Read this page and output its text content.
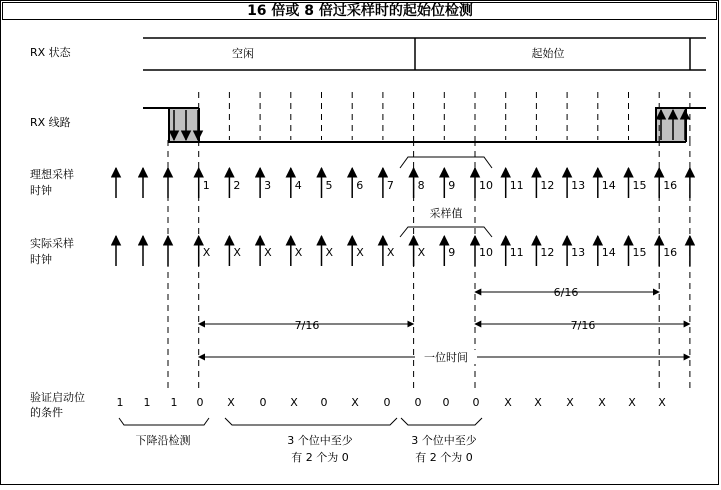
16 倍或 8 倍过采样时的起始位检测
RX 状态
RX 线路
理想采样
时钟
实际采样
时钟
验证启动位
的条件
空闲	起始位
1 2 3 4 5 6 7 8 9 10 11 12 13 14 15 16
X X X X X X X X 9 10 11 12 13 14 15 16
采样值
6/16
7/16	7/16
一位时间
1 1 1 0 X 0 X 0 X 0 0 0 0 X X X X X X
下降沿检测	3 个位中至少
有 2 个为 0
3 个位中至少
有 2 个为 0
